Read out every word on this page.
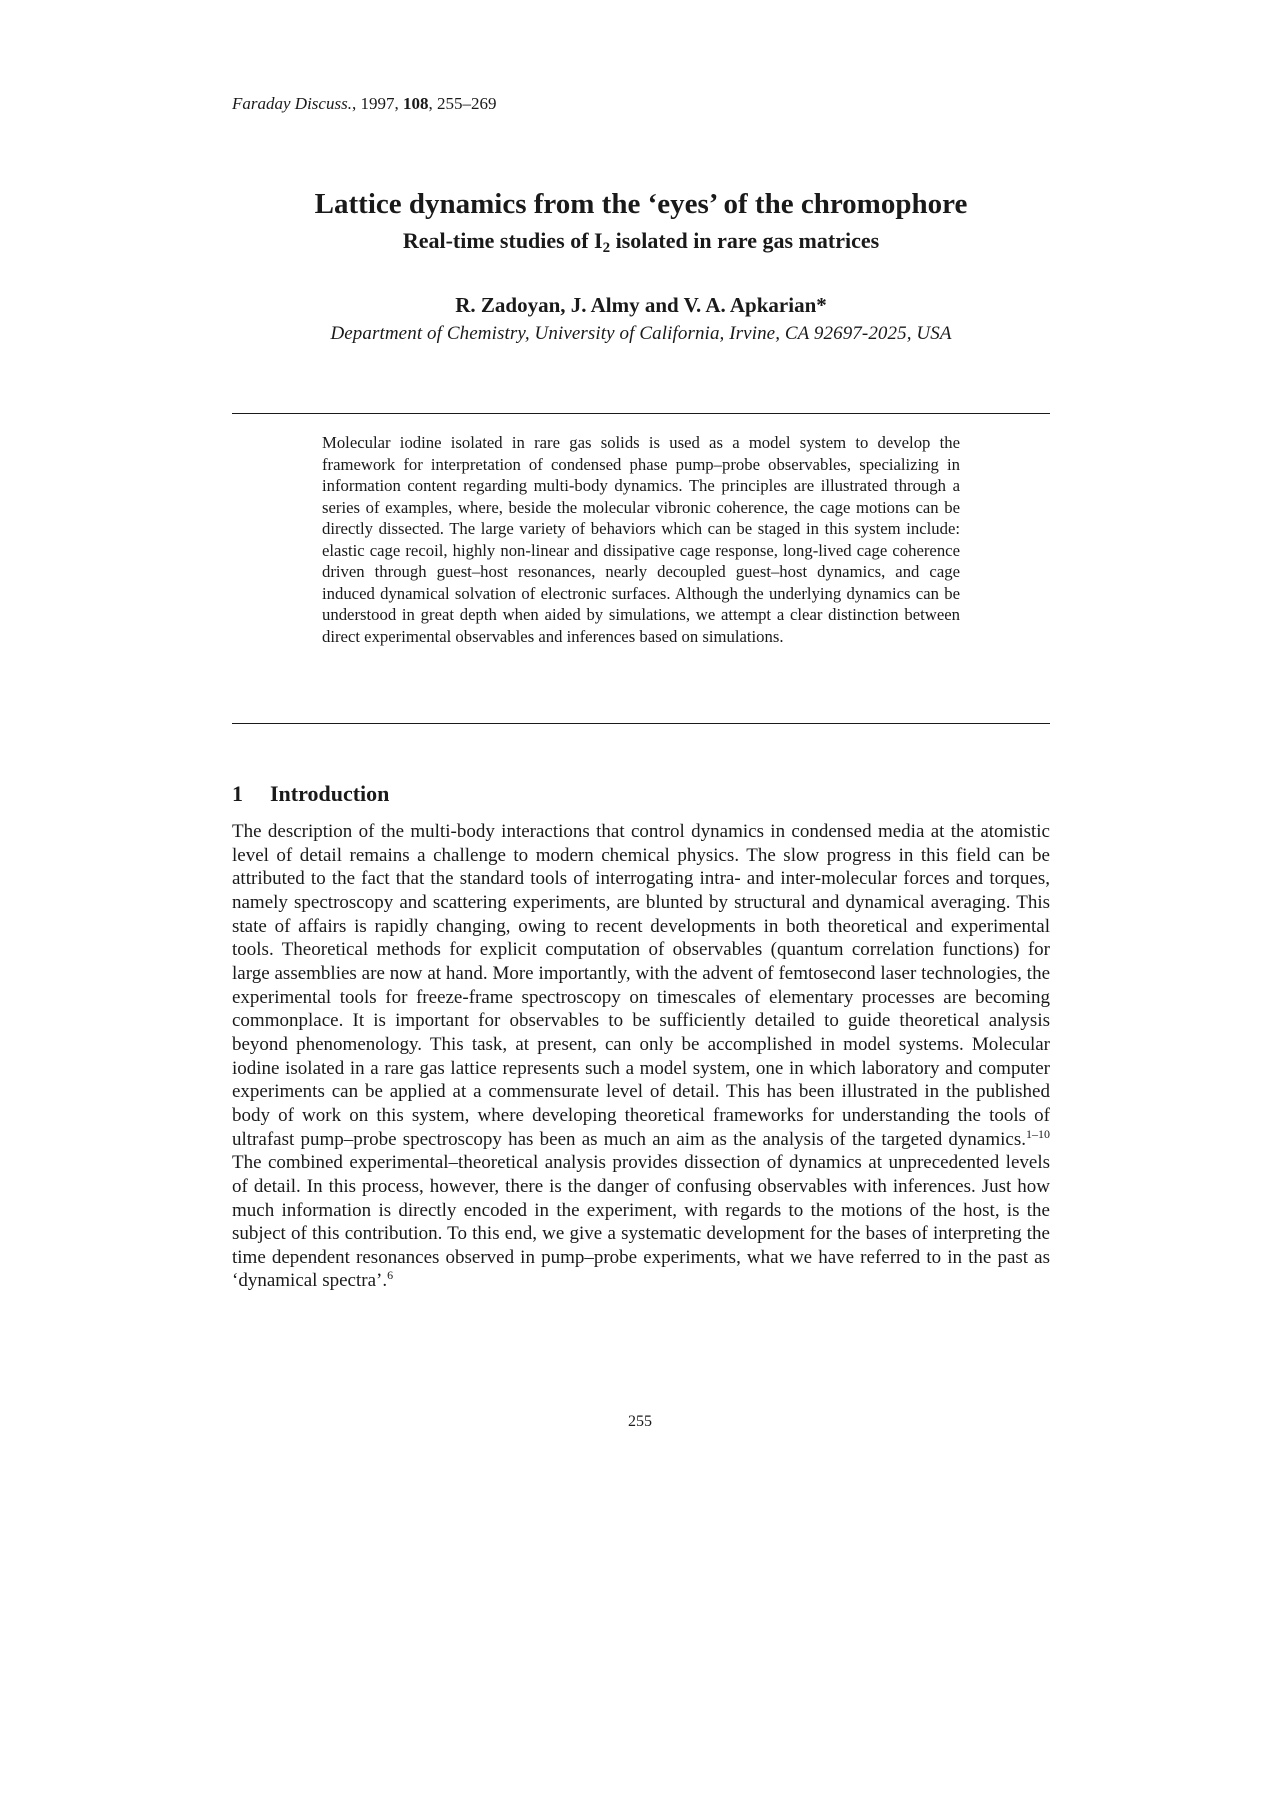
Faraday Discuss., 1997, 108, 255–269
Lattice dynamics from the ‘eyes’ of the chromophore
Real-time studies of $I_2$ isolated in rare gas matrices

R. Zadoyan, J. Almy and V. A. Apkarian*

Department of Chemistry, University of California, Irvine, CA 92697-2025, USA

Molecular iodine isolated in rare gas solids is used as a model system to develop the framework for interpretation of condensed phase pump–probe observables, specializing in information content regarding multi-body dynamics. The principles are illustrated through a series of examples, where, beside the molecular vibronic coherence, the cage motions can be directly dissected. The large variety of behaviors which can be staged in this system include: elastic cage recoil, highly non-linear and dissipative cage response, long-lived cage coherence driven through guest–host resonances, nearly decoupled guest–host dynamics, and cage induced dynamical solvation of electronic surfaces. Although the underlying dynamics can be understood in great depth when aided by simulations, we attempt a clear distinction between direct experimental observables and inferences based on simulations.

1 Introduction

The description of the multi-body interactions that control dynamics in condensed media at the atomistic level of detail remains a challenge to modern chemical physics. The slow progress in this field can be attributed to the fact that the standard tools of interrogating intra- and inter-molecular forces and torques, namely spectroscopy and scattering experiments, are blunted by structural and dynamical averaging. This state of affairs is rapidly changing, owing to recent developments in both theoretical and experimental tools. Theoretical methods for explicit computation of observables (quantum correlation functions) for large assemblies are now at hand. More importantly, with the advent of femtosecond laser technologies, the experimental tools for freeze-frame spectroscopy on timescales of elementary processes are becoming commonplace. It is important for observables to be sufficiently detailed to guide theoretical analysis beyond phenomenology. This task, at present, can only be accomplished in model systems. Molecular iodine isolated in a rare gas lattice represents such a model system, one in which laboratory and computer experiments can be applied at a commensurate level of detail. This has been illustrated in the published body of work on this system, where developing theoretical frameworks for understanding the tools of ultrafast pump–probe spectroscopy has been as much an aim as the analysis of the targeted dynamics.$^{1-10}$ The combined experimental–theoretical analysis provides dissection of dynamics at unprecedented levels of detail. In this process, however, there is the danger of confusing observables with inferences. Just how much information is directly encoded in the experiment, with regards to the motions of the host, is the subject of this contribution. To this end, we give a systematic development for the bases of interpreting the time dependent resonances observed in pump–probe experiments, what we have referred to in the past as ‘dynamical spectra’.$^6$

255
